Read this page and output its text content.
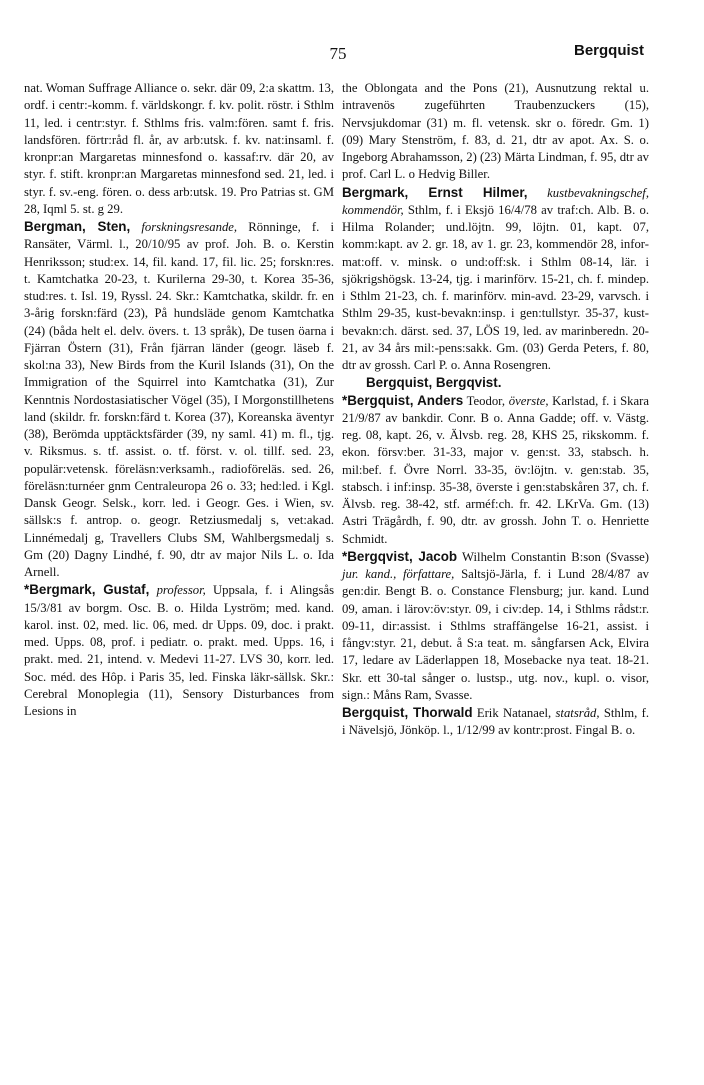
75	Bergquist

nat. Woman Suffrage Alliance o. sekr. där 09, 2:a skattm. 13, ordf. i centr:-komm. f. världskongr. f. kv. polit. röstr. i Sthlm 11, led. i centr:styr. f. Sthlms fris. valm:fören. samt f. fris. landsfören. förtr:råd fl. år, av arb:utsk. f. kv. nat:insaml. f. kronpr:an Margaretas minnesfond o. kassaf:rv. där 20, av styr. f. stift. kronpr:an Margaretas minnesfond sed. 21, led. i styr. f. sv.-eng. fören. o. dess arb:utsk. 19. Pro Patrias st. GM 28, Iqml 5. st. g 29.

Bergman, Sten, forskningsresande, Rönninge, f. i Ransäter, Värml. l., 20/10/95 av prof. Joh. B. o. Kerstin Henriksson; stud:ex. 14, fil. kand. 17, fil. lic. 25; forskn:res. t. Kamtchatka 20-23, t. Kurilerna 29-30, t. Korea 35-36, stud:res. t. Isl. 19, Ryssl. 24. Skr.: Kamtchatka, skildr. fr. en 3-årig forskn:färd (23), På hundsläde genom Kamtchatka (24) (båda helt el. delv. övers. t. 13 språk), De tusen öarna i Fjärran Östern (31), Från fjärran länder (geogr. läseb f. skol:na 33), New Birds from the Kuril Islands (31), On the Immigration of the Squirrel into Kamtchatka (31), Zur Kenntnis Nordostasiatischer Vögel (35), I Morgonstillhetens land (skildr. fr. forskn:färd t. Korea (37), Koreanska äventyr (38), Berömda upptäcktsfärder (39, ny saml. 41) m. fl., tjg. v. Riksmus. s. tf. assist. o. tf. först. v. ol. tillf. sed. 23, populär:vetensk. föreläsn:verksamh., radioföreläs. sed. 26, föreläsn:turnéer gnm Centraleuropa 26 o. 33; hed:led. i Kgl. Dansk Geogr. Selsk., korr. led. i Geogr. Ges. i Wien, sv. sällsk:s f. antrop. o. geogr. Retziusmedalj s, vet:akad. Linnémedalj g, Travellers Clubs SM, Wahlbergsmedalj s. Gm (20) Dagny Lindhé, f. 90, dtr av major Nils L. o. Ida Arnell.

*Bergmark, Gustaf, professor, Uppsala, f. i Alingsås 15/3/81 av borgm. Osc. B. o. Hilda Lyström; med. kand. karol. inst. 02, med. lic. 06, med. dr Upps. 09, doc. i prakt. med. Upps. 08, prof. i pediatr. o. prakt. med. Upps. 16, i prakt. med. 21, intend. v. Medevi 11-27. LVS 30, korr. led. Soc. méd. des Hôp. i Paris 35, led. Finska läkr-sällsk. Skr.: Cerebral Monoplegia (11), Sensory Disturbances from Lesions in

the Oblongata and the Pons (21), Ausnutzung rektal u. intravenös zugeführten Traubenzuckers (15), Nervsjukdomar (31) m. fl. vetensk. skr o. föredr. Gm. 1) (09) Mary Stenström, f. 83, d. 21, dtr av apot. Ax. S. o. Ingeborg Abrahamsson, 2) (23) Märta Lindman, f. 95, dtr av prof. Carl L. o Hedvig Biller.

Bergmark, Ernst Hilmer, kustbevakningschef, kommendör, Sthlm, f. i Eksjö 16/4/78 av traf:ch. Alb. B. o. Hilma Rolander; und.löjtn. 99, löjtn. 01, kapt. 07, komm:kapt. av 2. gr. 18, av 1. gr. 23, kommendör 28, infor-mat:off. v. minsk. o und:off:sk. i Sthlm 08-14, lär. i sjökrigshögsk. 13-24, tjg. i marinförv. 15-21, ch. f. mindep. i Sthlm 21-23, ch. f. marinförv. min-avd. 23-29, varvsch. i Sthlm 29-35, kust-bevakn:insp. i gen:tullstyr. 35-37, kust-bevakn:ch. därst. sed. 37, LÖS 19, led. av marinberedn. 20-21, av 34 års mil:-pens:sakk. Gm. (03) Gerda Peters, f. 80, dtr av grossh. Carl P. o. Anna Rosengren.

Bergquist, Bergqvist.

*Bergquist, Anders Teodor, överste, Karlstad, f. i Skara 21/9/87 av bankdir. Conr. B o. Anna Gadde; off. v. Västg. reg. 08, kapt. 26, v. Älvsb. reg. 28, KHS 25, rikskomm. f. ekon. försv:ber. 31-33, major v. gen:st. 33, stabsch. h. mil:bef. f. Övre Norrl. 33-35, öv:löjtn. v. gen:stab. 35, stabsch. i inf:insp. 35-38, överste i gen:stabskåren 37, ch. f. Älvsb. reg. 38-42, stf. arméf:ch. fr. 42. LKrVa. Gm. (13) Astri Trägårdh, f. 90, dtr. av grossh. John T. o. Henriette Schmidt.

*Bergqvist, Jacob Wilhelm Constantin B:son (Svasse) jur. kand., författare, Saltsjö-Järla, f. i Lund 28/4/87 av gen:dir. Bengt B. o. Constance Flensburg; jur. kand. Lund 09, aman. i lärov:öv:styr. 09, i civ:dep. 14, i Sthlms rådst:r. 09-11, dir:assist. i Sthlms straffängelse 16-21, assist. i fångv:styr. 21, debut. å S:a teat. m. sångfarsen Ack, Elvira 17, ledare av Läderlappen 18, Mosebacke nya teat. 18-21. Skr. ett 30-tal sånger o. lustsp., utg. nov., kupl. o. visor, sign.: Måns Ram, Svasse.

Bergquist, Thorwald Erik Natanael, statsråd, Sthlm, f. i Nävelsjö, Jönköp. l., 1/12/99 av kontr:prost. Fingal B. o.
